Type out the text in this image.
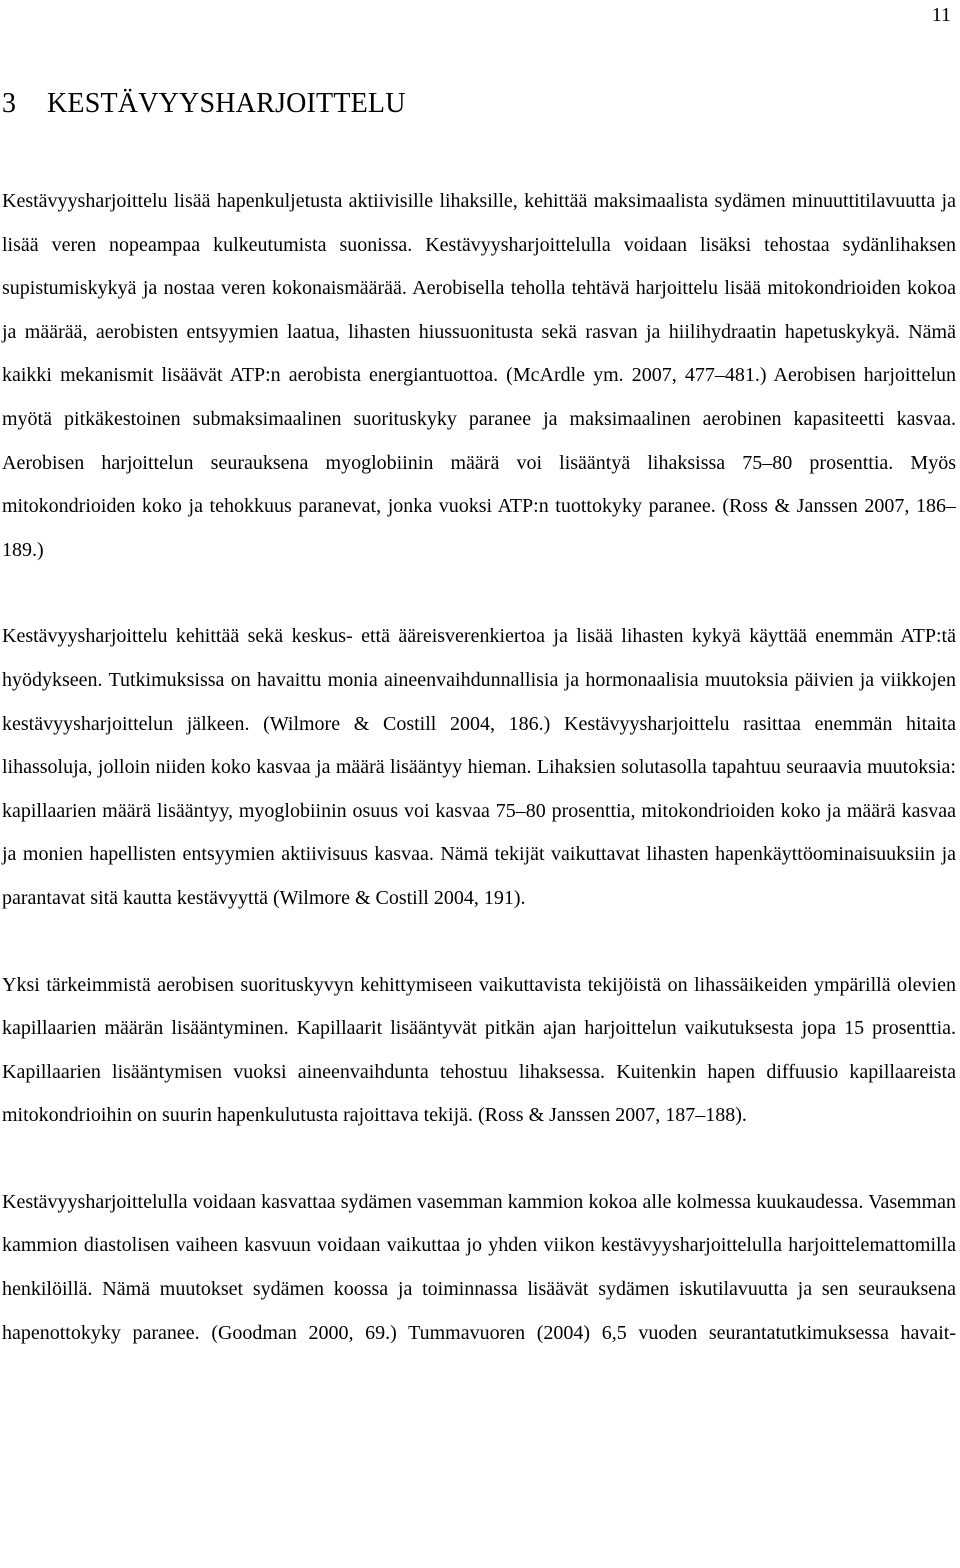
11
3 KESTÄVYYSHARJOITTELU

Kestävyysharjoittelu lisää hapenkuljetusta aktiivisille lihaksille, kehittää maksimaalista sydämen minuuttitilavuutta ja lisää veren nopeampaa kulkeutumista suonissa. Kestävyysharjoittelulla voidaan lisäksi tehostaa sydänlihaksen supistumiskykyä ja nostaa veren kokonaismäärää. Aerobisella teholla tehtävä harjoittelu lisää mitokondrioiden kokoa ja määrää, aerobisten entsyymien laatua, lihasten hiussuonitusta sekä rasvan ja hiilihydraatin hapetuskykyä. Nämä kaikki mekanismit lisäävät ATP:n aerobista energiantuottoa. (McArdle ym. 2007, 477‒481.) Aerobisen harjoittelun myötä pitkäkestoinen submaksimaalinen suorituskyky paranee ja maksimaalinen aerobinen kapasiteetti kasvaa. Aerobisen harjoittelun seurauksena myoglobiinin määrä voi lisääntyä lihaksissa 75‒80 prosenttia. Myös mitokondrioiden koko ja tehokkuus paranevat, jonka vuoksi ATP:n tuottokyky paranee. (Ross & Janssen 2007, 186‒189.)

Kestävyysharjoittelu kehittää sekä keskus- että ääreisverenkiertoa ja lisää lihasten kykyä käyttää enemmän ATP:tä hyödykseen. Tutkimuksissa on havaittu monia aineenvaihdunnallisia ja hormonaalisia muutoksia päivien ja viikkojen kestävyysharjoittelun jälkeen. (Wilmore & Costill 2004, 186.) Kestävyysharjoittelu rasittaa enemmän hitaita lihassoluja, jolloin niiden koko kasvaa ja määrä lisääntyy hieman. Lihaksien solutasolla tapahtuu seuraavia muutoksia: kapillaarien määrä lisääntyy, myoglobiinin osuus voi kasvaa 75‒80 prosenttia, mitokondrioiden koko ja määrä kasvaa ja monien hapellisten entsyymien aktiivisuus kasvaa. Nämä tekijät vaikuttavat lihasten hapenkäyttöominaisuuksiin ja parantavat sitä kautta kestävyyttä (Wilmore & Costill 2004, 191).

Yksi tärkeimmistä aerobisen suorituskyvyn kehittymiseen vaikuttavista tekijöistä on lihassäikeiden ympärillä olevien kapillaarien määrän lisääntyminen. Kapillaarit lisääntyvät pitkän ajan harjoittelun vaikutuksesta jopa 15 prosenttia. Kapillaarien lisääntymisen vuoksi aineenvaihdunta tehostuu lihaksessa. Kuitenkin hapen diffuusio kapillaareista mitokondrioihin on suurin hapenkulutusta rajoittava tekijä. (Ross & Janssen 2007, 187‒188).

Kestävyysharjoittelulla voidaan kasvattaa sydämen vasemman kammion kokoa alle kolmessa kuukaudessa. Vasemman kammion diastolisen vaiheen kasvuun voidaan vaikuttaa jo yhden viikon kestävyysharjoittelulla harjoittelemattomilla henkilöillä. Nämä muutokset sydämen koossa ja toiminnassa lisäävät sydämen iskutilavuutta ja sen seurauksena hapenottokyky paranee. (Goodman 2000, 69.) Tummavuoren (2004) 6,5 vuoden seurantatutkimuksessa havait-
